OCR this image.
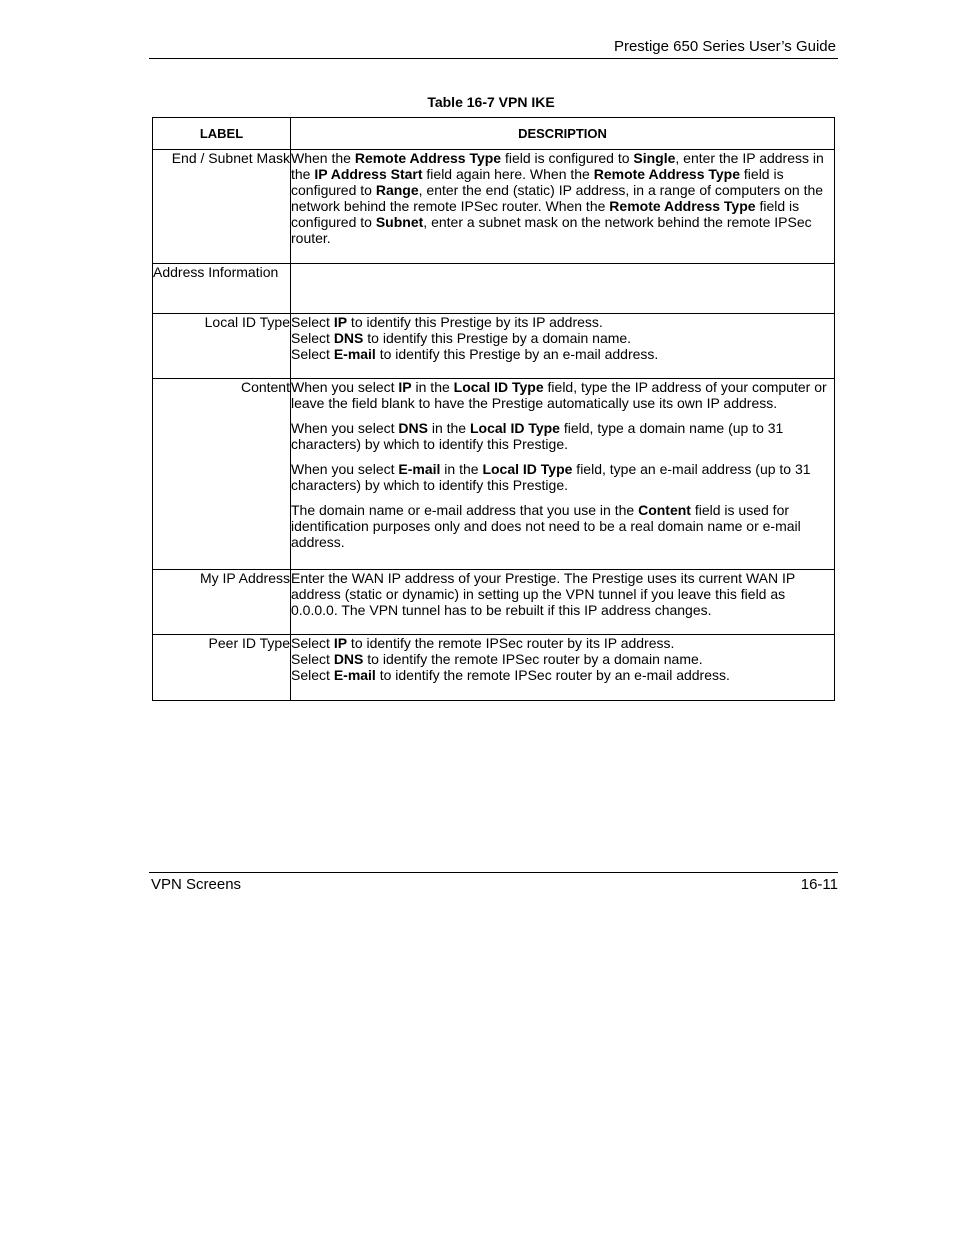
Prestige 650 Series User’s Guide
Table 16-7 VPN IKE
LABEL	DESCRIPTION
End / Subnet Mask	When the Remote Address Type field is configured to Single, enter the IP address in the IP Address Start field again here. When the Remote Address Type field is configured to Range, enter the end (static) IP address, in a range of computers on the network behind the remote IPSec router. When the Remote Address Type field is configured to Subnet, enter a subnet mask on the network behind the remote IPSec router.

Address Information	
Local ID Type	Select IP to identify this Prestige by its IP address.
Select DNS to identify this Prestige by a domain name.
Select E-mail to identify this Prestige by an e-mail address.

Content	When you select IP in the Local ID Type field, type the IP address of your computer or leave the field blank to have the Prestige automatically use its own IP address.

When you select DNS in the Local ID Type field, type a domain name (up to 31 characters) by which to identify this Prestige.

When you select E-mail in the Local ID Type field, type an e-mail address (up to 31 characters) by which to identify this Prestige.

The domain name or e-mail address that you use in the Content field is used for identification purposes only and does not need to be a real domain name or e-mail address.

My IP Address	Enter the WAN IP address of your Prestige. The Prestige uses its current WAN IP address (static or dynamic) in setting up the VPN tunnel if you leave this field as 0.0.0.0. The VPN tunnel has to be rebuilt if this IP address changes.

Peer ID Type	Select IP to identify the remote IPSec router by its IP address.
Select DNS to identify the remote IPSec router by a domain name.
Select E-mail to identify the remote IPSec router by an e-mail address.

VPN Screens	16-11
